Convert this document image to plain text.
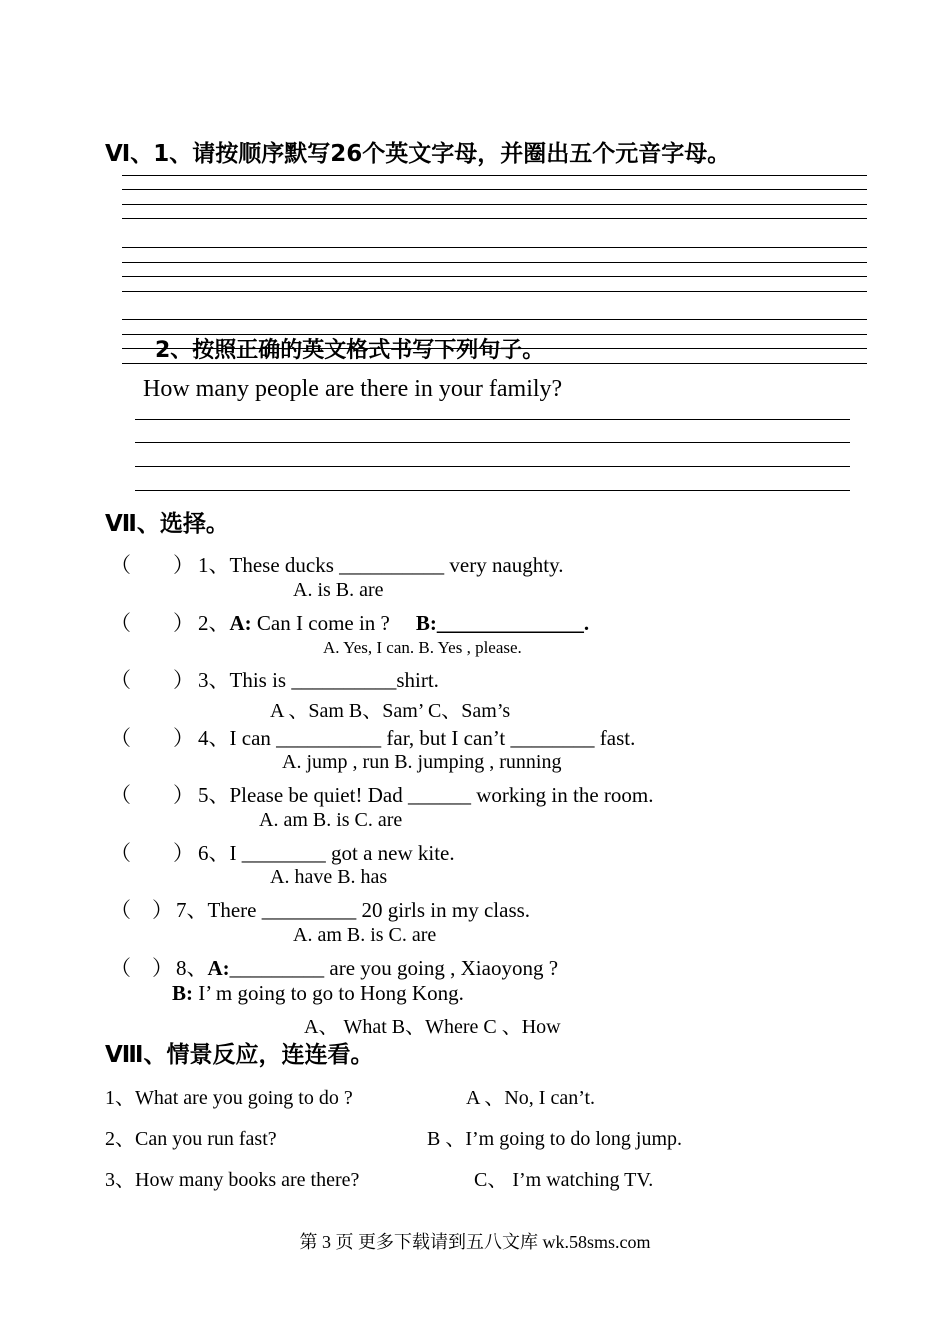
Ⅵ、1、请按顺序默写26个英文字母，并圈出五个元音字母。
2、按照正确的英文格式书写下列句子。
How many people are there in your family?
Ⅶ、选择。
（　　） 1、These ducks __________ very naughty.
A. is B. are
（　　） 2、A: Can I come in ? B:______________.
A. Yes, I can. B. Yes , please.
（　　） 3、This is __________shirt.
A 、Sam B、Sam’ C、Sam’s
（　　） 4、I can __________ far, but I can’t ________ fast.
A. jump , run B. jumping , running
（　　） 5、Please be quiet! Dad ______ working in the room.
A. am B. is C. are
（　　） 6、I ________ got a new kite.
A. have B. has
（　） 7、There _________ 20 girls in my class.
A. am B. is C. are
（　） 8、A:_________ are you going , Xiaoyong ?
B: I’ m going to go to Hong Kong.
A、 What B、Where C 、How
Ⅷ、情景反应，连连看。
1、What are you going to do ?	A 、No, I can’t.
2、Can you run fast?	B 、I’m going to do long jump.
3、How many books are there?	C、 I’m watching TV.
第 3 页 更多下载请到五八文库 wk.58sms.com
